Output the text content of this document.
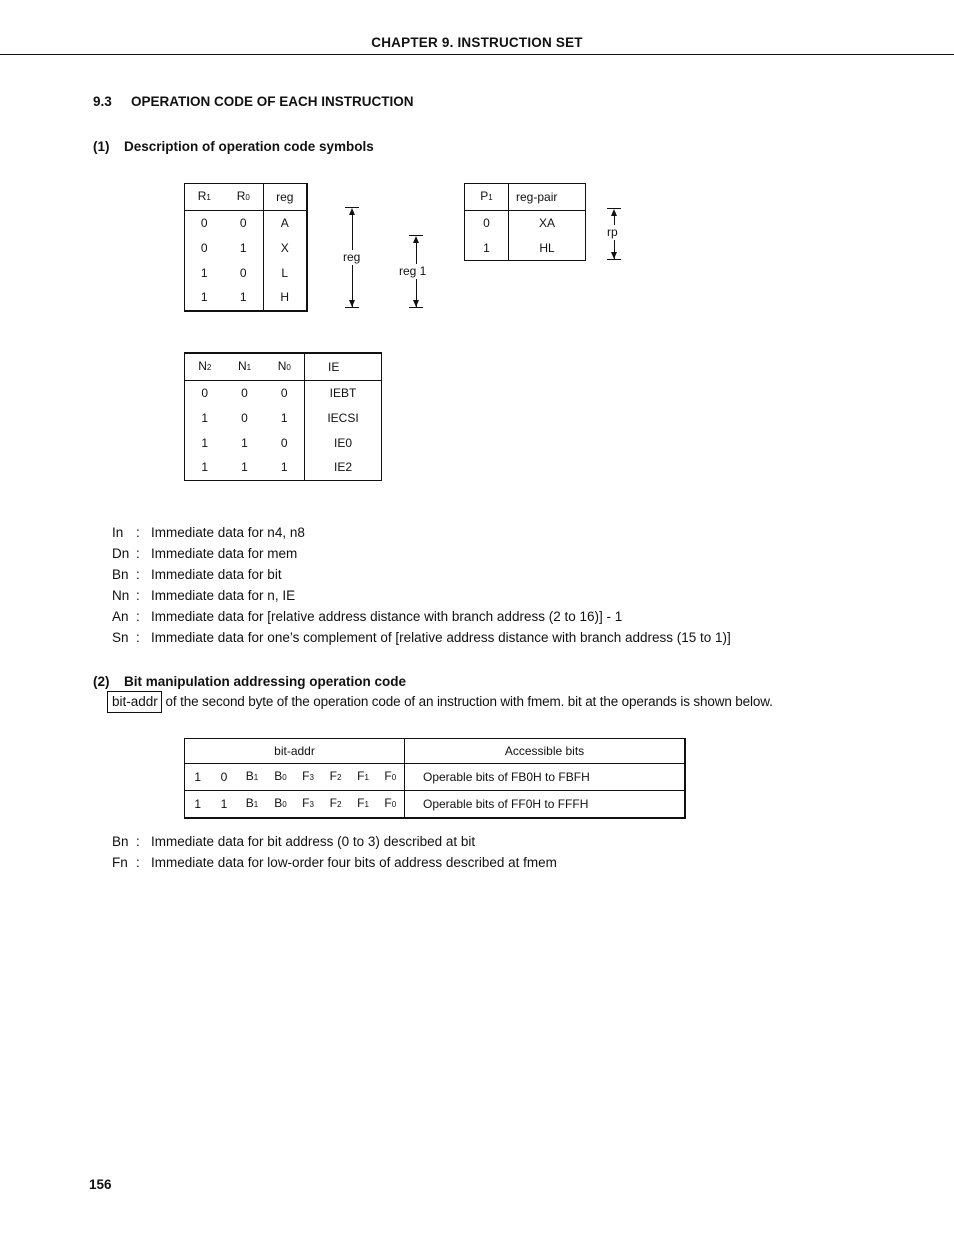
CHAPTER 9. INSTRUCTION SET
9.3 OPERATION CODE OF EACH INSTRUCTION
(1) Description of operation code symbols
R1	R0	reg
0	0	A
0	1	X
1	0	L
1	1	H
reg
reg 1
P1	reg-pair
0	XA
1	HL
rp
N2	N1	N0	IE
0	0	0	IEBT
1	0	1	IECSI
1	1	0	IE0
1	1	1	IE2
In : Immediate data for n4, n8
Dn : Immediate data for mem
Bn : Immediate data for bit
Nn : Immediate data for n, IE
An : Immediate data for [relative address distance with branch address (2 to 16)] - 1
Sn : Immediate data for one’s complement of [relative address distance with branch address (15 to 1)]
(2) Bit manipulation addressing operation code
bit-addr of the second byte of the operation code of an instruction with fmem. bit at the operands is shown below.
bit-addr								Accessible bits
1	0	B1	B0	F3	F2	F1	F0	Operable bits of FB0H to FBFH
1	1	B1	B0	F3	F2	F1	F0	Operable bits of FF0H to FFFH
Bn : Immediate data for bit address (0 to 3) described at bit
Fn : Immediate data for low-order four bits of address described at fmem
156
